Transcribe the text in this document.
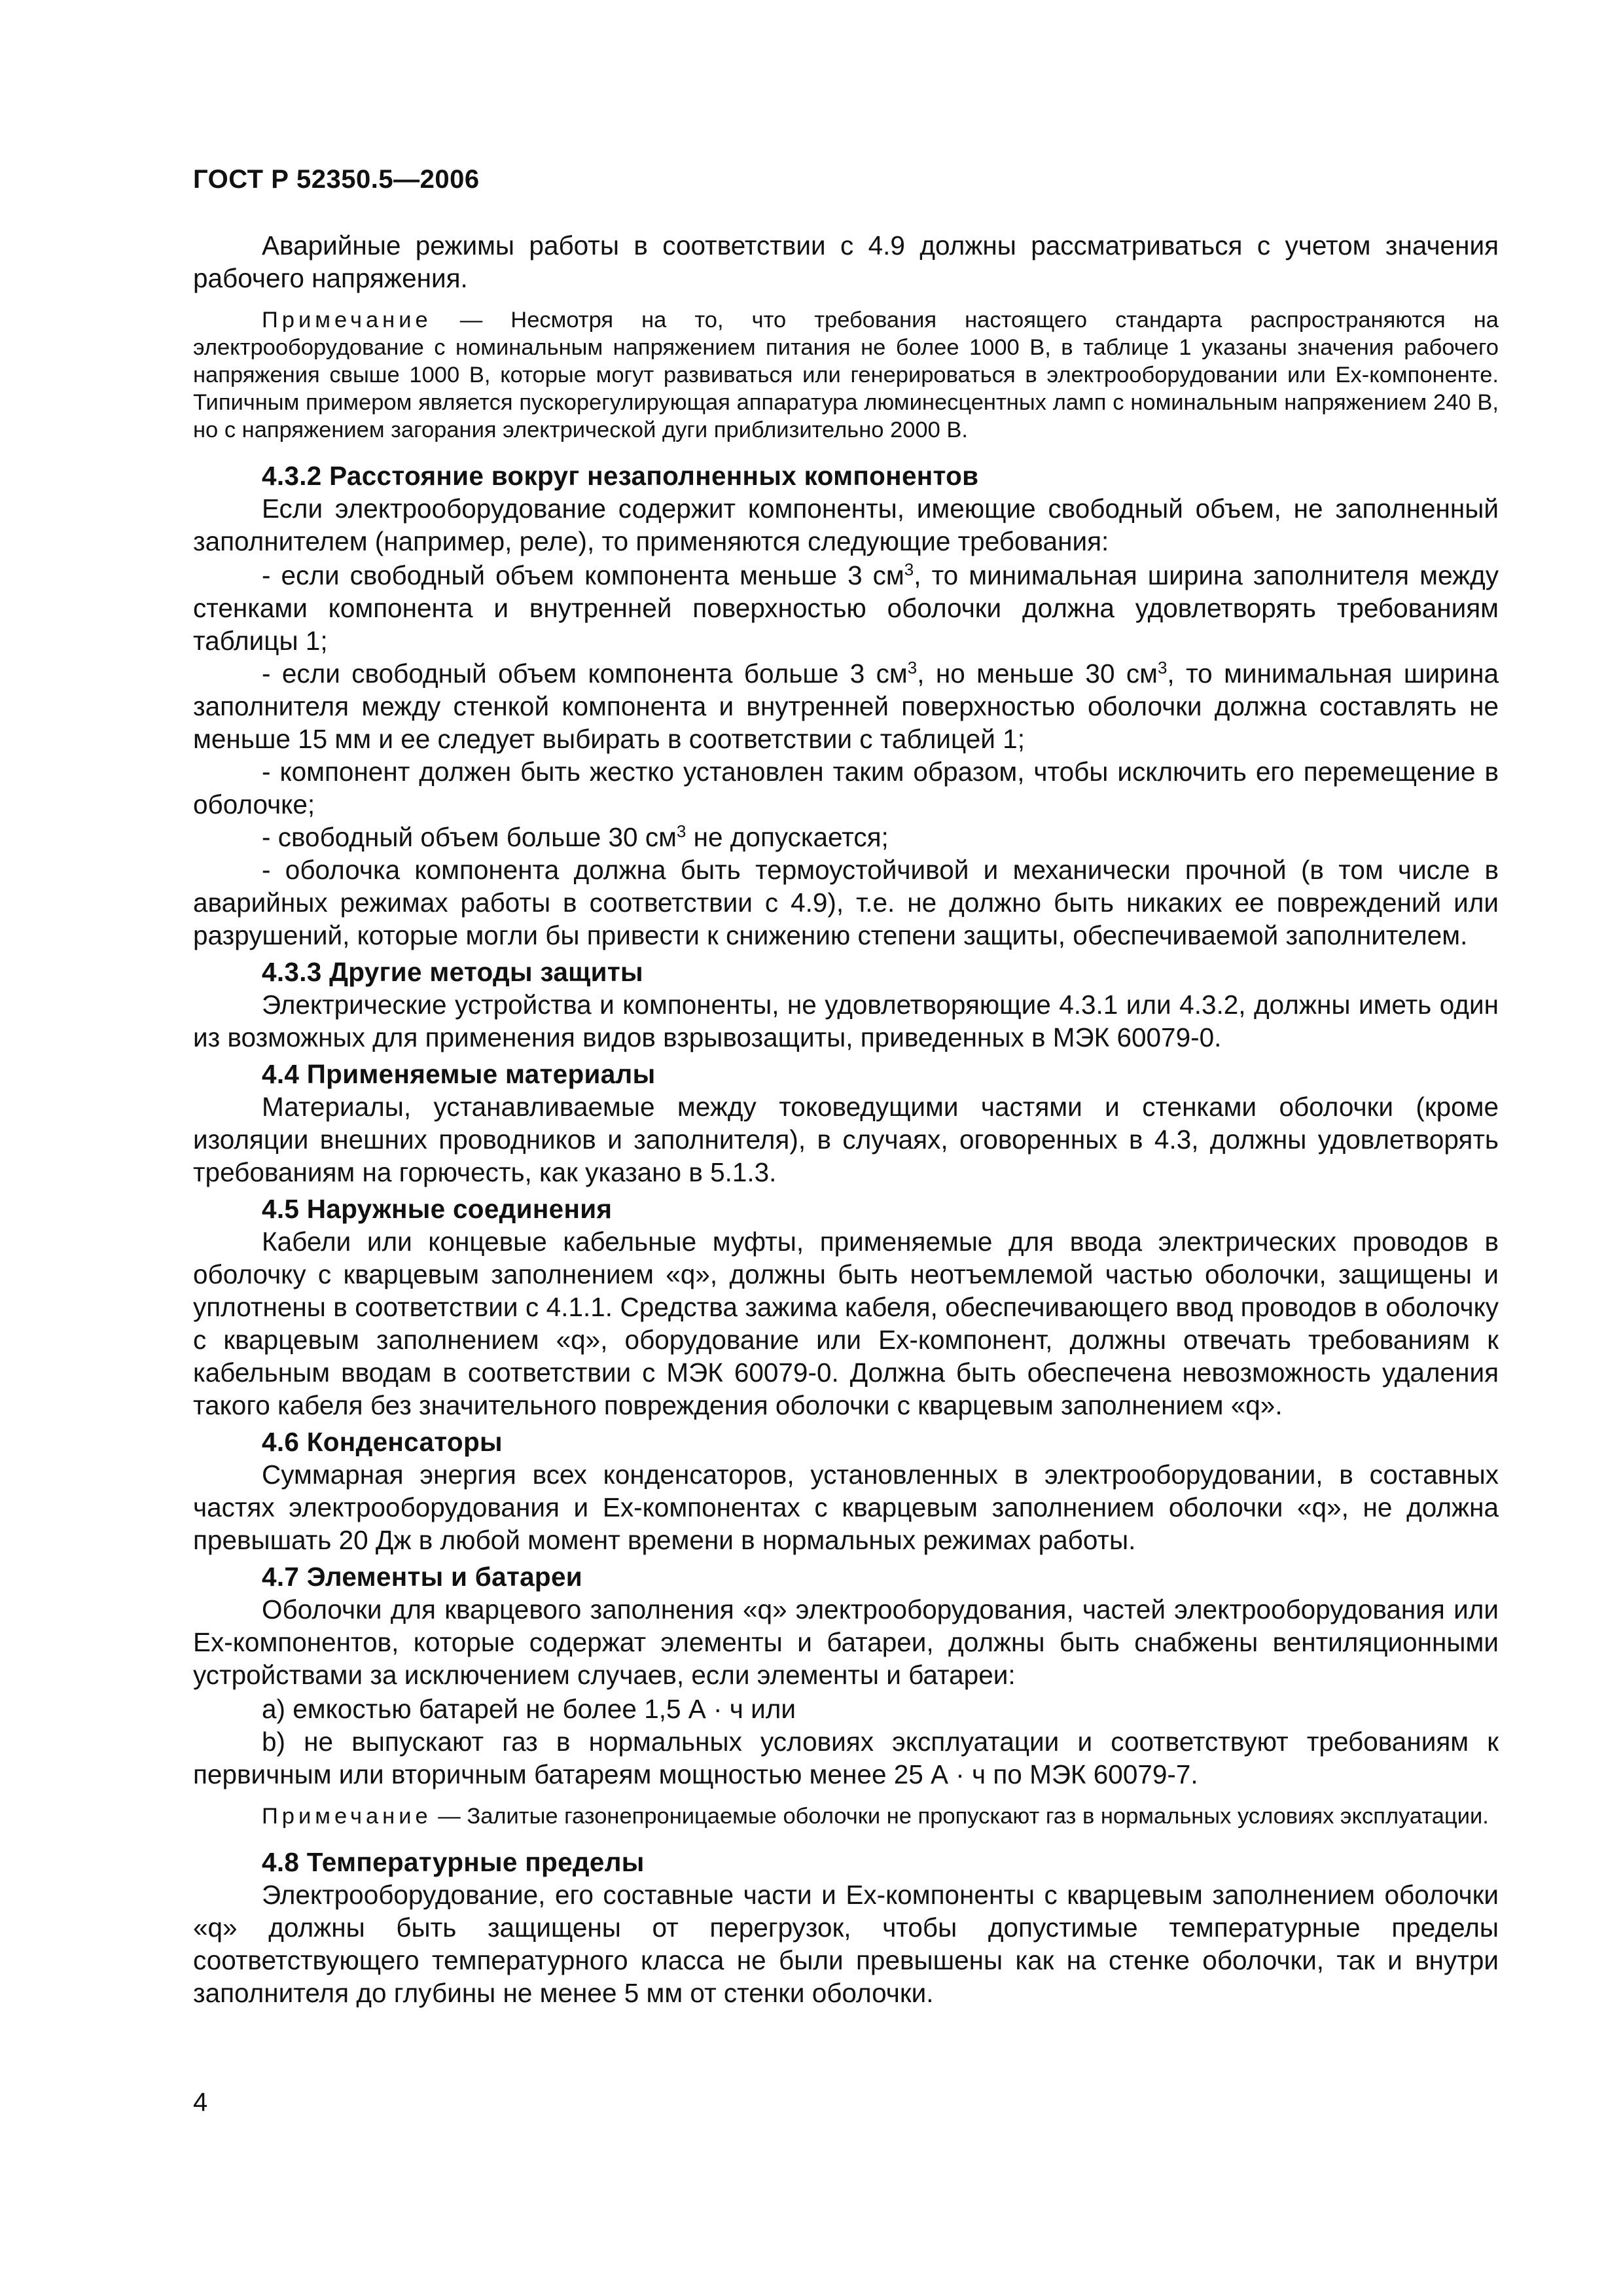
ГОСТ Р 52350.5—2006

Аварийные режимы работы в соответствии с 4.9 должны рассматриваться с учетом значения рабочего напряжения.

Примечание — Несмотря на то, что требования настоящего стандарта распространяются на электрооборудование с номинальным напряжением питания не более 1000 В, в таблице 1 указаны значения рабочего напряжения свыше 1000 В, которые могут развиваться или генерироваться в электрооборудовании или Ex-компоненте. Типичным примером является пускорегулирующая аппаратура люминесцентных ламп с номинальным напряжением 240 В, но с напряжением загорания электрической дуги приблизительно 2000 В.

4.3.2 Расстояние вокруг незаполненных компонентов

Если электрооборудование содержит компоненты, имеющие свободный объем, не заполненный заполнителем (например, реле), то применяются следующие требования:

- если свободный объем компонента меньше 3 $см^3$, то минимальная ширина заполнителя между стенками компонента и внутренней поверхностью оболочки должна удовлетворять требованиям таблицы 1;

- если свободный объем компонента больше 3 $см^3$, но меньше 30 $см^3$, то минимальная ширина заполнителя между стенкой компонента и внутренней поверхностью оболочки должна составлять не меньше 15 мм и ее следует выбирать в соответствии с таблицей 1;

- компонент должен быть жестко установлен таким образом, чтобы исключить его перемещение в оболочке;

- свободный объем больше 30 $см^3$ не допускается;

- оболочка компонента должна быть термоустойчивой и механически прочной (в том числе в аварийных режимах работы в соответствии с 4.9), т.е. не должно быть никаких ее повреждений или разрушений, которые могли бы привести к снижению степени защиты, обеспечиваемой заполнителем.

4.3.3 Другие методы защиты

Электрические устройства и компоненты, не удовлетворяющие 4.3.1 или 4.3.2, должны иметь один из возможных для применения видов взрывозащиты, приведенных в МЭК 60079-0.

4.4 Применяемые материалы

Материалы, устанавливаемые между токоведущими частями и стенками оболочки (кроме изоляции внешних проводников и заполнителя), в случаях, оговоренных в 4.3, должны удовлетворять требованиям на горючесть, как указано в 5.1.3.

4.5 Наружные соединения

Кабели или концевые кабельные муфты, применяемые для ввода электрических проводов в оболочку с кварцевым заполнением «q», должны быть неотъемлемой частью оболочки, защищены и уплотнены в соответствии с 4.1.1. Средства зажима кабеля, обеспечивающего ввод проводов в оболочку с кварцевым заполнением «q», оборудование или Ex-компонент, должны отвечать требованиям к кабельным вводам в соответствии с МЭК 60079-0. Должна быть обеспечена невозможность удаления такого кабеля без значительного повреждения оболочки с кварцевым заполнением «q».

4.6 Конденсаторы

Суммарная энергия всех конденсаторов, установленных в электрооборудовании, в составных частях электрооборудования и Ex-компонентах с кварцевым заполнением оболочки «q», не должна превышать 20 Дж в любой момент времени в нормальных режимах работы.

4.7 Элементы и батареи

Оболочки для кварцевого заполнения «q» электрооборудования, частей электрооборудования или Ex-компонентов, которые содержат элементы и батареи, должны быть снабжены вентиляционными устройствами за исключением случаев, если элементы и батареи:

a) емкостью батарей не более 1,5 А · ч или

b) не выпускают газ в нормальных условиях эксплуатации и соответствуют требованиям к первичным или вторичным батареям мощностью менее 25 А · ч по МЭК 60079-7.

Примечание — Залитые газонепроницаемые оболочки не пропускают газ в нормальных условиях эксплуатации.

4.8 Температурные пределы

Электрооборудование, его составные части и Ex-компоненты с кварцевым заполнением оболочки «q» должны быть защищены от перегрузок, чтобы допустимые температурные пределы соответствующего температурного класса не были превышены как на стенке оболочки, так и внутри заполнителя до глубины не менее 5 мм от стенки оболочки.

4
